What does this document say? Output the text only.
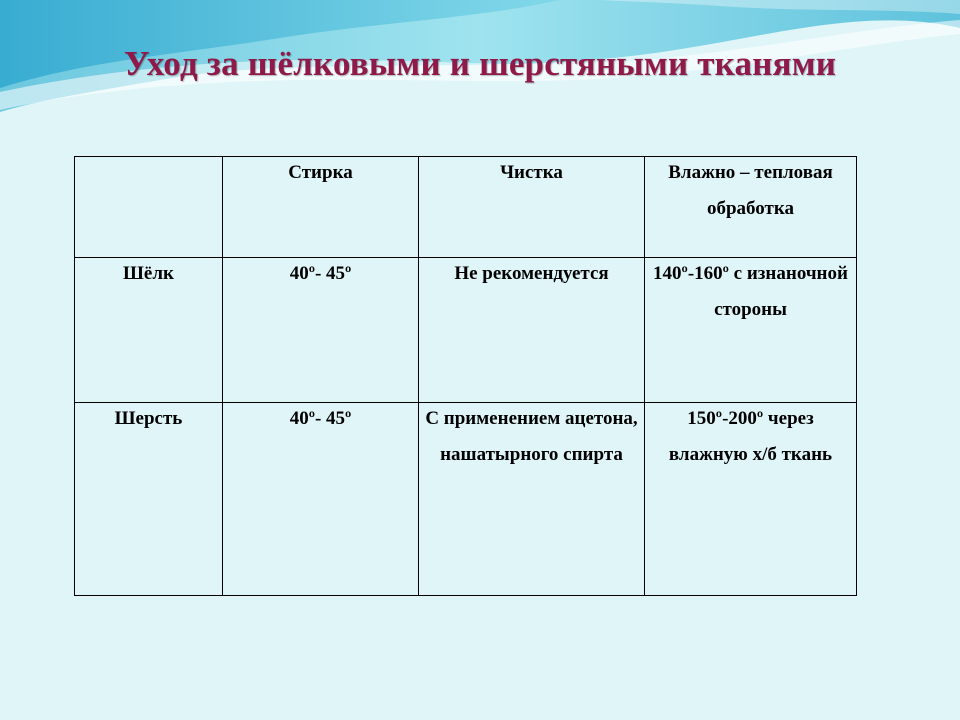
Уход за шёлковыми и шерстяными тканями

	Стирка	Чистка	Влажно – тепловая обработка

Шёлк	40º- 45º	Не рекомендуется	140º-160º с изнаночной стороны

Шерсть	40º- 45º	С применением ацетона, нашатырного спирта	150º-200º через влажную х/б ткань
